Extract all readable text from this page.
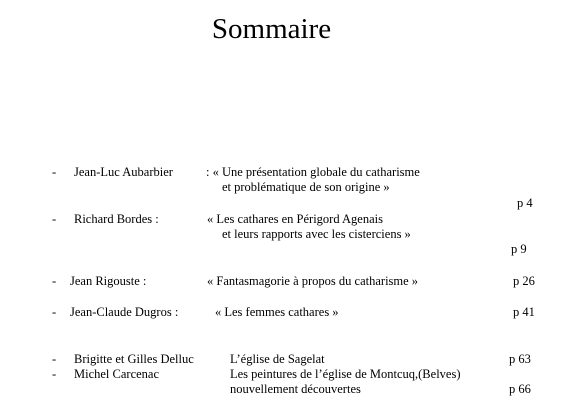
Sommaire
- Jean-Luc Aubarbier	: « Une présentation globale du catharisme
et problématique de son origine »
p 4
- Richard Bordes :	« Les cathares en Périgord Agenais
et leurs rapports avec les cisterciens »
p 9
- Jean Rigouste :	« Fantasmagorie à propos du catharisme »	p 26
- Jean-Claude Dugros :	« Les femmes cathares »	p 41
- Brigitte et Gilles Delluc	L’église de Sagelat	p 63
- Michel Carcenac	Les peintures de l’église de Montcuq,(Belves)
nouvellement découvertes	p 66
